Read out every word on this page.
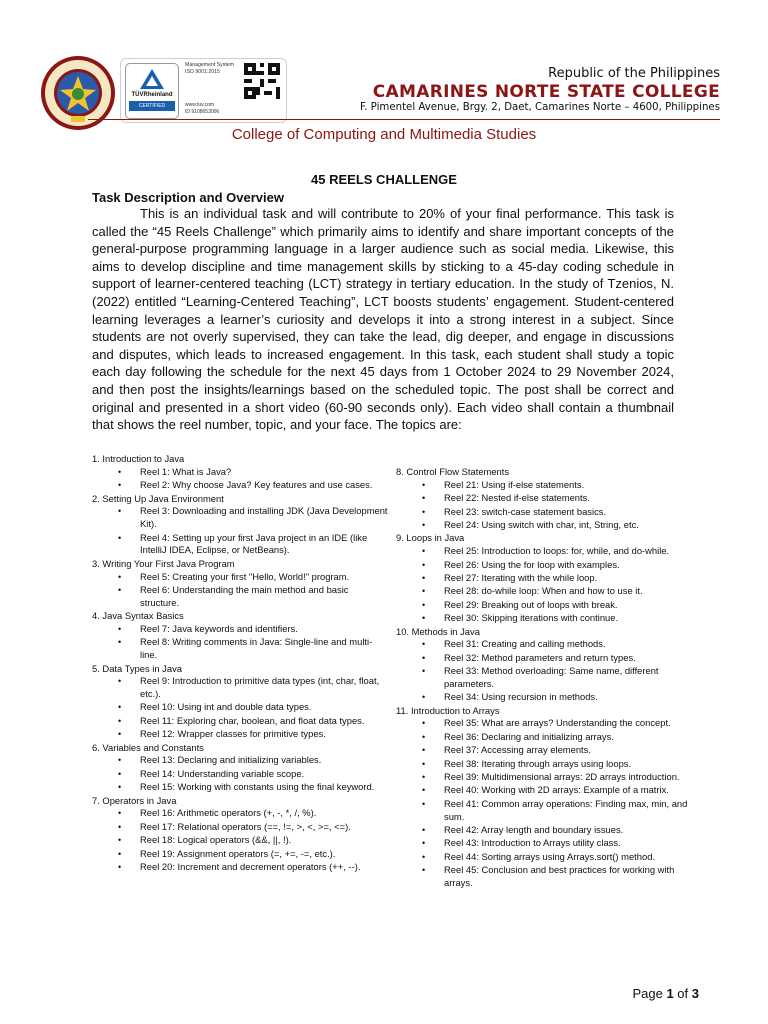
TÜVRheinland
CERTIFIED
Management System
ISO 9001:2015
www.tuv.com
ID 9108653006
Republic of the Philippines
CAMARINES NORTE STATE COLLEGE
F. Pimentel Avenue, Brgy. 2, Daet, Camarines Norte – 4600, Philippines
College of Computing and Multimedia Studies
45 REELS CHALLENGE
Task Description and Overview
This is an individual task and will contribute to 20% of your final performance. This task is called the “45 Reels Challenge” which primarily aims to identify and share important concepts of the general-purpose programming language in a larger audience such as social media. Likewise, this aims to develop discipline and time management skills by sticking to a 45-day coding schedule in support of learner-centered teaching (LCT) strategy in tertiary education. In the study of Tzenios, N. (2022) entitled “Learning-Centered Teaching”, LCT boosts students’ engagement. Student-centered learning leverages a learner’s curiosity and develops it into a strong interest in a subject. Since students are not overly supervised, they can take the lead, dig deeper, and engage in discussions and disputes, which leads to increased engagement. In this task, each student shall study a topic each day following the schedule for the next 45 days from 1 October 2024 to 29 November 2024, and then post the insights/learnings based on the scheduled topic. The post shall be correct and original and presented in a short video (60-90 seconds only). Each video shall contain a thumbnail that shows the reel number, topic, and your face. The topics are:
1. Introduction to Java
• Reel 1: What is Java?
• Reel 2: Why choose Java? Key features and use cases.
2. Setting Up Java Environment
• Reel 3: Downloading and installing JDK (Java Development Kit).
• Reel 4: Setting up your first Java project in an IDE (like IntelliJ IDEA, Eclipse, or NetBeans).
3. Writing Your First Java Program
• Reel 5: Creating your first "Hello, World!" program.
• Reel 6: Understanding the main method and basic structure.
4. Java Syntax Basics
• Reel 7: Java keywords and identifiers.
• Reel 8: Writing comments in Java: Single-line and multi-line.
5. Data Types in Java
• Reel 9: Introduction to primitive data types (int, char, float, etc.).
• Reel 10: Using int and double data types.
• Reel 11: Exploring char, boolean, and float data types.
• Reel 12: Wrapper classes for primitive types.
6. Variables and Constants
• Reel 13: Declaring and initializing variables.
• Reel 14: Understanding variable scope.
• Reel 15: Working with constants using the final keyword.
7. Operators in Java
• Reel 16: Arithmetic operators (+, -, *, /, %).
• Reel 17: Relational operators (==, !=, >, <, >=, <=).
• Reel 18: Logical operators (&&, ||, !).
• Reel 19: Assignment operators (=, +=, -=, etc.).
• Reel 20: Increment and decrement operators (++, --).
8. Control Flow Statements
• Reel 21: Using if-else statements.
• Reel 22: Nested if-else statements.
• Reel 23: switch-case statement basics.
• Reel 24: Using switch with char, int, String, etc.
9. Loops in Java
• Reel 25: Introduction to loops: for, while, and do-while.
• Reel 26: Using the for loop with examples.
• Reel 27: Iterating with the while loop.
• Reel 28: do-while loop: When and how to use it.
• Reel 29: Breaking out of loops with break.
• Reel 30: Skipping iterations with continue.
10. Methods in Java
• Reel 31: Creating and calling methods.
• Reel 32: Method parameters and return types.
• Reel 33: Method overloading: Same name, different parameters.
• Reel 34: Using recursion in methods.
11. Introduction to Arrays
• Reel 35: What are arrays? Understanding the concept.
• Reel 36: Declaring and initializing arrays.
• Reel 37: Accessing array elements.
• Reel 38: Iterating through arrays using loops.
• Reel 39: Multidimensional arrays: 2D arrays introduction.
• Reel 40: Working with 2D arrays: Example of a matrix.
• Reel 41: Common array operations: Finding max, min, and sum.
• Reel 42: Array length and boundary issues.
• Reel 43: Introduction to Arrays utility class.
• Reel 44: Sorting arrays using Arrays.sort() method.
• Reel 45: Conclusion and best practices for working with arrays.
Page 1 of 3
